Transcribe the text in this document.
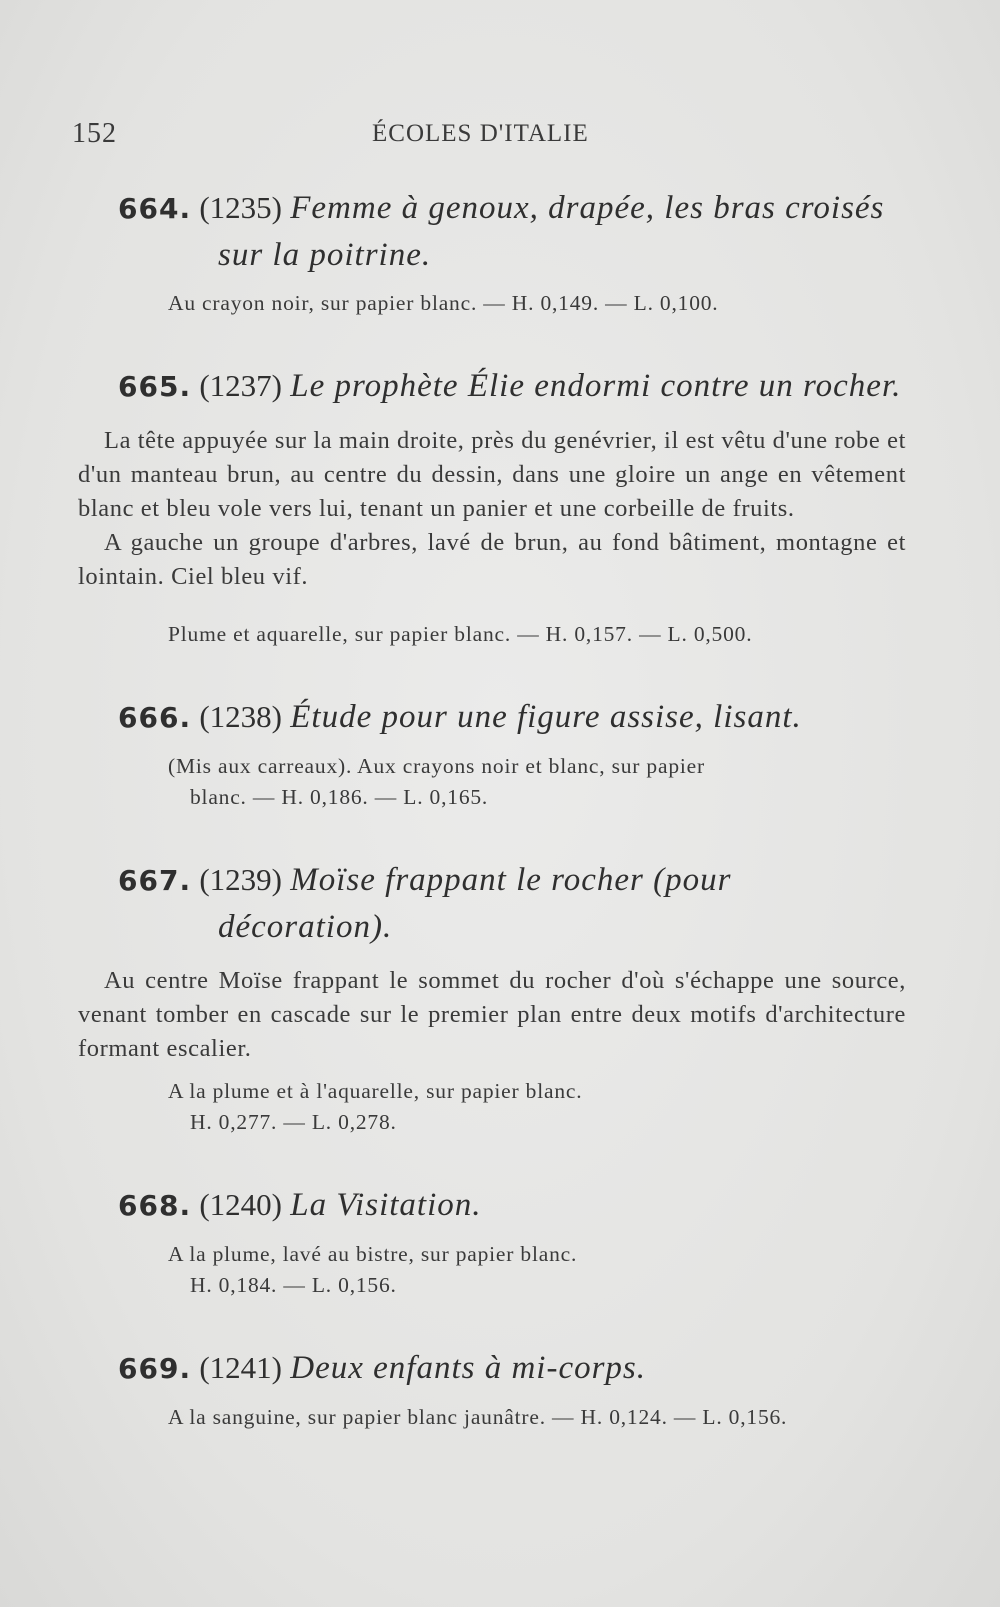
152	ÉCOLES D'ITALIE
664. (1235) Femme à genoux, drapée, les bras croisés sur la poitrine.
Au crayon noir, sur papier blanc. — H. 0,149. — L. 0,100.
665. (1237) Le prophète Élie endormi contre un rocher.

La tête appuyée sur la main droite, près du genévrier, il est vêtu d'une robe et d'un manteau brun, au centre du dessin, dans une gloire un ange en vêtement blanc et bleu vole vers lui, tenant un panier et une corbeille de fruits.

A gauche un groupe d'arbres, lavé de brun, au fond bâtiment, montagne et lointain. Ciel bleu vif.

Plume et aquarelle, sur papier blanc. — H. 0,157. — L. 0,500.
666. (1238) Étude pour une figure assise, lisant.
(Mis aux carreaux). Aux crayons noir et blanc, sur papier
blanc. — H. 0,186. — L. 0,165.
667. (1239) Moïse frappant le rocher (pour décoration).

Au centre Moïse frappant le sommet du rocher d'où s'échappe une source, venant tomber en cascade sur le premier plan entre deux motifs d'architecture formant escalier.

A la plume et à l'aquarelle, sur papier blanc.
H. 0,277. — L. 0,278.
668. (1240) La Visitation.
A la plume, lavé au bistre, sur papier blanc.
H. 0,184. — L. 0,156.
669. (1241) Deux enfants à mi-corps.
A la sanguine, sur papier blanc jaunâtre. — H. 0,124. — L. 0,156.
